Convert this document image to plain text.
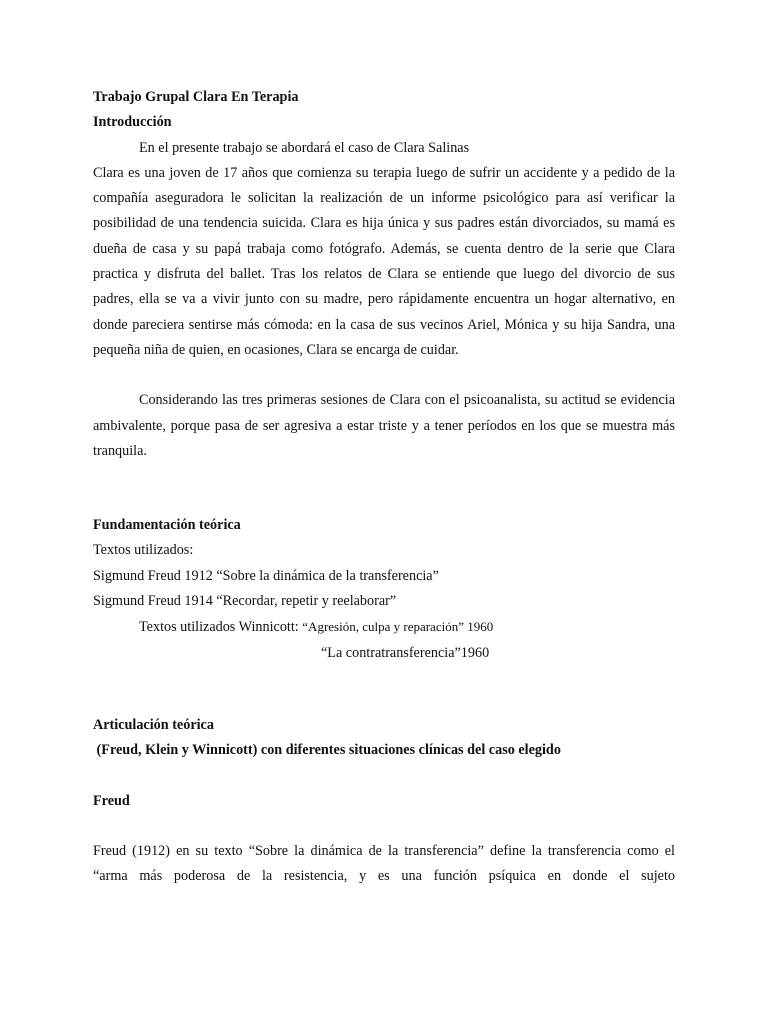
Trabajo Grupal Clara En Terapia
Introducción
En el presente trabajo se abordará el caso de Clara Salinas

Clara es una joven de 17 años que comienza su terapia luego de sufrir un accidente y a pedido de la compañía aseguradora le solicitan la realización de un informe psicológico para así verificar la posibilidad de una tendencia suicida. Clara es hija única y sus padres están divorciados, su mamá es dueña de casa y su papá trabaja como fotógrafo. Además, se cuenta dentro de la serie que Clara practica y disfruta del ballet. Tras los relatos de Clara se entiende que luego del divorcio de sus padres, ella se va a vivir junto con su madre, pero rápidamente encuentra un hogar alternativo, en donde pareciera sentirse más cómoda: en la casa de sus vecinos Ariel, Mónica y su hija Sandra, una pequeña niña de quien, en ocasiones, Clara se encarga de cuidar.

Considerando las tres primeras sesiones de Clara con el psicoanalista, su actitud se evidencia ambivalente, porque pasa de ser agresiva a estar triste y a tener períodos en los que se muestra más tranquila.

Fundamentación teórica
Textos utilizados:
Sigmund Freud 1912 “Sobre la dinámica de la transferencia”
Sigmund Freud 1914 “Recordar, repetir y reelaborar”
Textos utilizados Winnicott: “Agresión, culpa y reparación” 1960
“La contratransferencia”1960
Articulación teórica
(Freud, Klein y Winnicott) con diferentes situaciones clínicas del caso elegido
Freud

Freud (1912) en su texto “Sobre la dinámica de la transferencia” define la transferencia como el “arma más poderosa de la resistencia, y es una función psíquica en donde el sujeto
